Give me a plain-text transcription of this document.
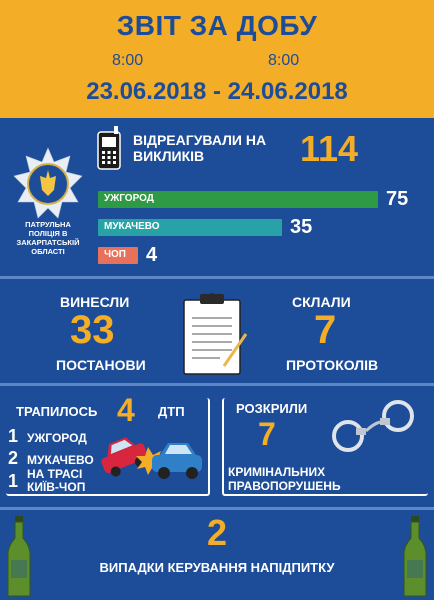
ЗВІТ ЗА ДОБУ
8:00	8:00
23.06.2018 - 24.06.2018
ПАТРУЛЬНА ПОЛІЦІЯ В ЗАКАРПАТСЬКІЙ ОБЛАСТІ
ВІДРЕАГУВАЛИ НА ВИКЛИКІВ	114
УЖГОРОД	75
МУКАЧЕВО	35
ЧОП 4
ВИНЕСЛИ
33
ПОСТАНОВИ
СКЛАЛИ
7
ПРОТОКОЛІВ
ТРАПИЛОСЬ 4 ДТП
1 УЖГОРОД
2 МУКАЧЕВО
1 НА ТРАСІ КИЇВ-ЧОП
РОЗКРИЛИ
7
КРИМІНАЛЬНИХ ПРАВОПОРУШЕНЬ
2
ВИПАДКИ КЕРУВАННЯ НАПІДПИТКУ
